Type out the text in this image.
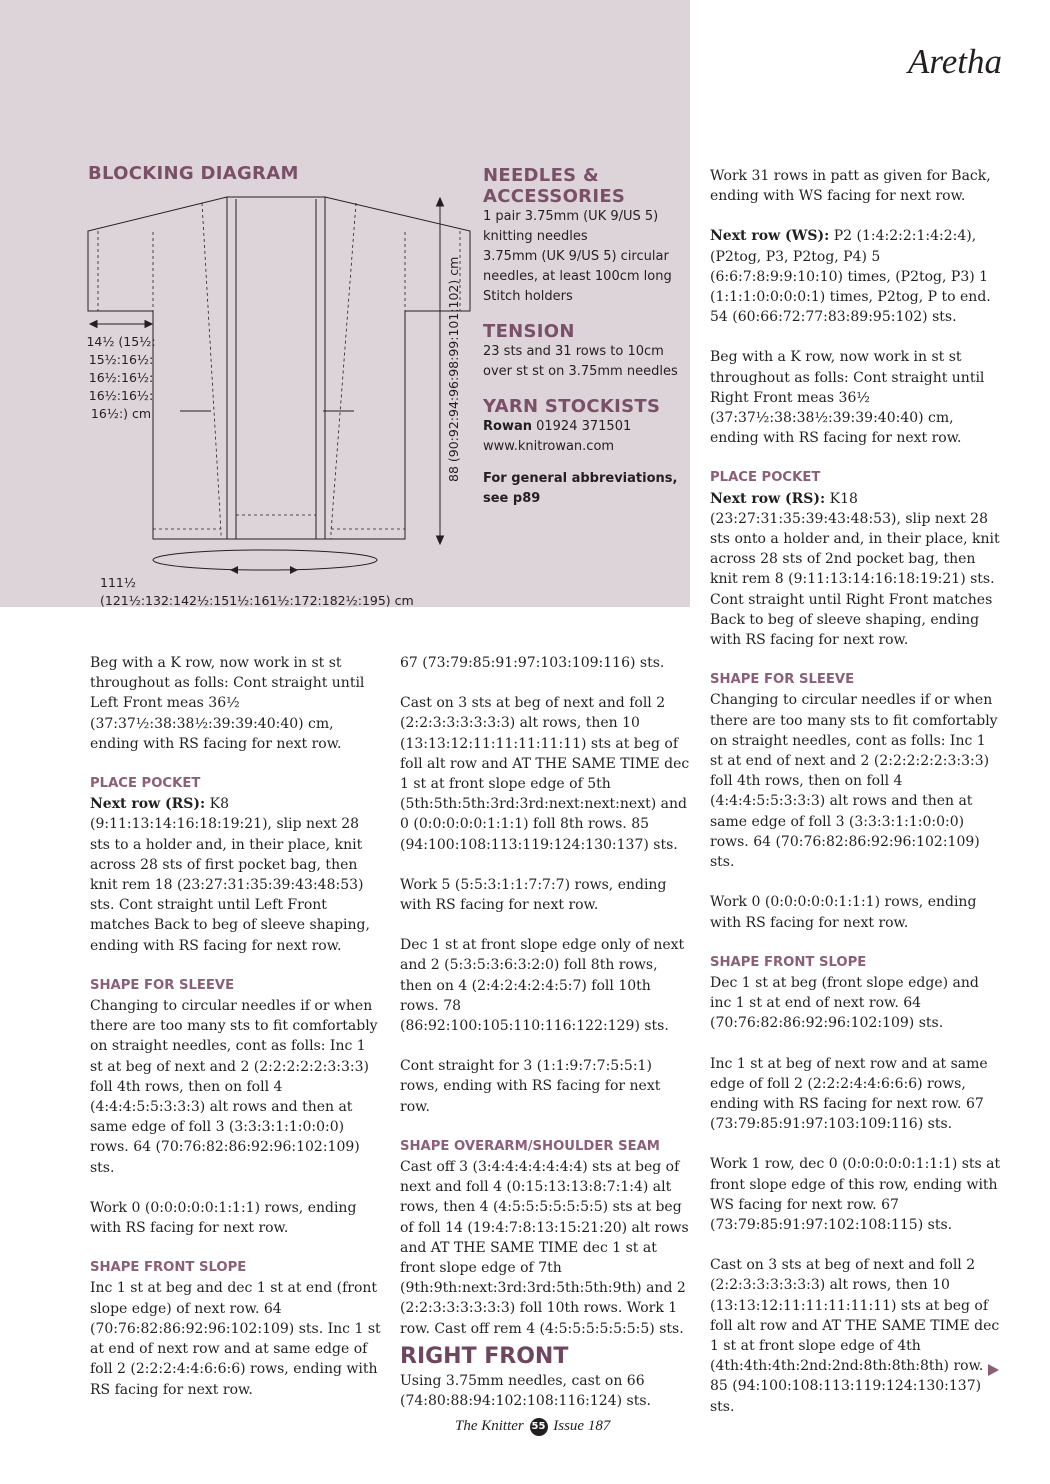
Aretha
BLOCKING DIAGRAM
14½ (15½:
15½:16½:
16½:16½:
16½:16½:
16½:) cm	88 (90:92:94:96:98:99:101:102) cm
111½ (121½:132:142½:151½:161½:172:182½:195) cm
NEEDLES &
ACCESSORIES

1 pair 3.75mm (UK 9/US 5)

knitting needles

3.75mm (UK 9/US 5) circular

needles, at least 100cm long

Stitch holders

TENSION

23 sts and 31 rows to 10cm

over st st on 3.75mm needles

YARN STOCKISTS

Rowan 01924 371501

www.knitrowan.com

For general abbreviations,

see p89

Beg with a K row, now work in st st throughout as folls: Cont straight until Left Front meas 36½ (37:37½:38:38½:39:39:40:40) cm, ending with RS facing for next row.

PLACE POCKET

Next row (RS): K8 (9:11:13:14:16:18:19:21), slip next 28 sts to a holder and, in their place, knit across 28 sts of first pocket bag, then knit rem 18 (23:27:31:35:39:43:48:53) sts. Cont straight until Left Front matches Back to beg of sleeve shaping, ending with RS facing for next row.

SHAPE FOR SLEEVE

Changing to circular needles if or when there are too many sts to fit comfortably on straight needles, cont as folls: Inc 1 st at beg of next and 2 (2:2:2:2:2:3:3:3) foll 4th rows, then on foll 4 (4:4:4:5:5:3:3:3) alt rows and then at same edge of foll 3 (3:3:3:1:1:0:0:0) rows. 64 (70:76:82:86:92:96:102:109) sts.

Work 0 (0:0:0:0:0:1:1:1) rows, ending with RS facing for next row.

SHAPE FRONT SLOPE

Inc 1 st at beg and dec 1 st at end (front slope edge) of next row. 64 (70:76:82:86:92:96:102:109) sts. Inc 1 st at end of next row and at same edge of foll 2 (2:2:2:4:4:6:6:6) rows, ending with RS facing for next row.

67 (73:79:85:91:97:103:109:116) sts.

Cast on 3 sts at beg of next and foll 2 (2:2:3:3:3:3:3:3) alt rows, then 10 (13:13:12:11:11:11:11:11) sts at beg of foll alt row and AT THE SAME TIME dec 1 st at front slope edge of 5th (5th:5th:5th:3rd:3rd:next:next:next) and 0 (0:0:0:0:0:1:1:1) foll 8th rows. 85 (94:100:108:113:119:124:130:137) sts.

Work 5 (5:5:3:1:1:7:7:7) rows, ending with RS facing for next row.

Dec 1 st at front slope edge only of next and 2 (5:3:5:3:6:3:2:0) foll 8th rows, then on 4 (2:4:2:4:2:4:5:7) foll 10th rows. 78 (86:92:100:105:110:116:122:129) sts.

Cont straight for 3 (1:1:9:7:7:5:5:1) rows, ending with RS facing for next row.

SHAPE OVERARM/SHOULDER SEAM

Cast off 3 (3:4:4:4:4:4:4:4) sts at beg of next and foll 4 (0:15:13:13:8:7:1:4) alt rows, then 4 (4:5:5:5:5:5:5:5) sts at beg of foll 14 (19:4:7:8:13:15:21:20) alt rows and AT THE SAME TIME dec 1 st at front slope edge of 7th (9th:9th:next:3rd:3rd:5th:5th:9th) and 2 (2:2:3:3:3:3:3:3) foll 10th rows. Work 1 row. Cast off rem 4 (4:5:5:5:5:5:5:5) sts.

RIGHT FRONT

Using 3.75mm needles, cast on 66 (74:80:88:94:102:108:116:124) sts.

Work 31 rows in patt as given for Back, ending with WS facing for next row.

Next row (WS): P2 (1:4:2:2:1:4:2:4), (P2tog, P3, P2tog, P4) 5 (6:6:7:8:9:9:10:10) times, (P2tog, P3) 1 (1:1:1:0:0:0:0:1) times, P2tog, P to end. 54 (60:66:72:77:83:89:95:102) sts.

Beg with a K row, now work in st st throughout as folls: Cont straight until Right Front meas 36½ (37:37½:38:38½:39:39:40:40) cm, ending with RS facing for next row.

PLACE POCKET

Next row (RS): K18 (23:27:31:35:39:43:48:53), slip next 28 sts onto a holder and, in their place, knit across 28 sts of 2nd pocket bag, then knit rem 8 (9:11:13:14:16:18:19:21) sts. Cont straight until Right Front matches Back to beg of sleeve shaping, ending with RS facing for next row.

SHAPE FOR SLEEVE

Changing to circular needles if or when there are too many sts to fit comfortably on straight needles, cont as folls: Inc 1 st at end of next and 2 (2:2:2:2:2:3:3:3) foll 4th rows, then on foll 4 (4:4:4:5:5:3:3:3) alt rows and then at same edge of foll 3 (3:3:3:1:1:0:0:0) rows. 64 (70:76:82:86:92:96:102:109) sts.

Work 0 (0:0:0:0:0:1:1:1) rows, ending with RS facing for next row.

SHAPE FRONT SLOPE

Dec 1 st at beg (front slope edge) and inc 1 st at end of next row. 64 (70:76:82:86:92:96:102:109) sts.

Inc 1 st at beg of next row and at same edge of foll 2 (2:2:2:4:4:6:6:6) rows, ending with RS facing for next row. 67 (73:79:85:91:97:103:109:116) sts.

Work 1 row, dec 0 (0:0:0:0:0:1:1:1) sts at front slope edge of this row, ending with WS facing for next row. 67 (73:79:85:91:97:102:108:115) sts.

Cast on 3 sts at beg of next and foll 2 (2:2:3:3:3:3:3:3) alt rows, then 10 (13:13:12:11:11:11:11:11) sts at beg of foll alt row and AT THE SAME TIME dec 1 st at front slope edge of 4th (4th:4th:4th:2nd:2nd:8th:8th:8th) row. 85 (94:100:108:113:119:124:130:137) sts.

The Knitter 55 Issue 187
